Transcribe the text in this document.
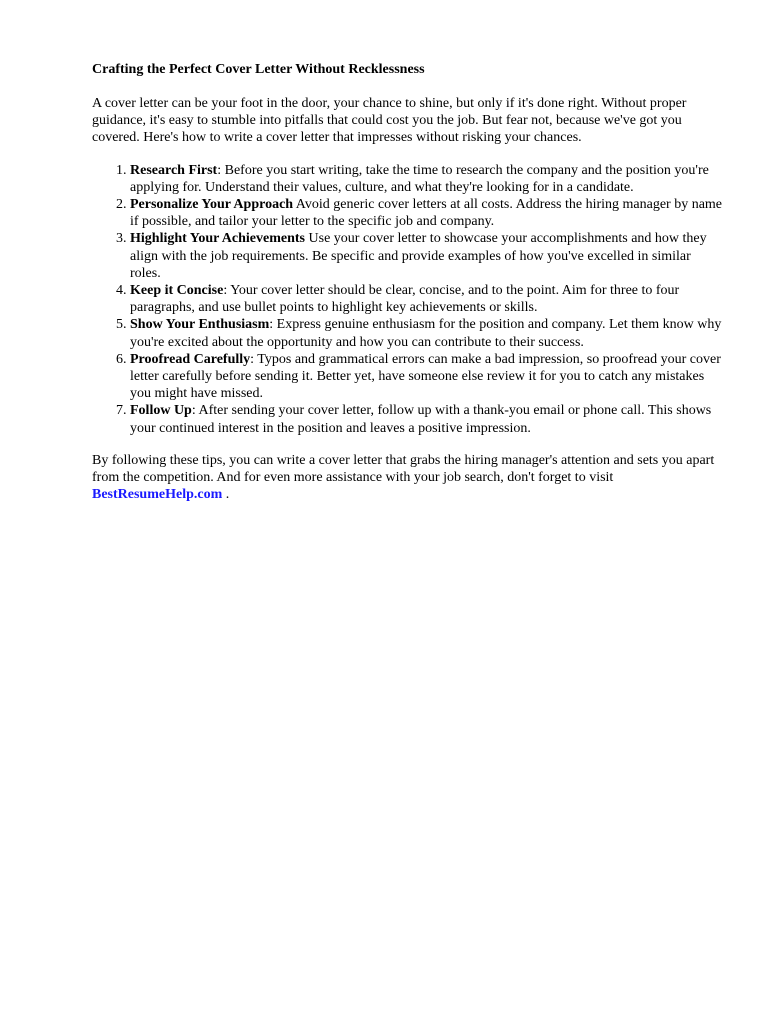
Crafting the Perfect Cover Letter Without Recklessness

A cover letter can be your foot in the door, your chance to shine, but only if it's done right. Without proper guidance, it's easy to stumble into pitfalls that could cost you the job. But fear not, because we've got you covered. Here's how to write a cover letter that impresses without risking your chances.

1. Research First: Before you start writing, take the time to research the company and the position you're applying for. Understand their values, culture, and what they're looking for in a candidate.
2. Personalize Your Approach Avoid generic cover letters at all costs. Address the hiring manager by name if possible, and tailor your letter to the specific job and company.
3. Highlight Your Achievements Use your cover letter to showcase your accomplishments and how they align with the job requirements. Be specific and provide examples of how you've excelled in similar roles.
4. Keep it Concise: Your cover letter should be clear, concise, and to the point. Aim for three to four paragraphs, and use bullet points to highlight key achievements or skills.
5. Show Your Enthusiasm: Express genuine enthusiasm for the position and company. Let them know why you're excited about the opportunity and how you can contribute to their success.
6. Proofread Carefully: Typos and grammatical errors can make a bad impression, so proofread your cover letter carefully before sending it. Better yet, have someone else review it for you to catch any mistakes you might have missed.
7. Follow Up: After sending your cover letter, follow up with a thank-you email or phone call. This shows your continued interest in the position and leaves a positive impression.

By following these tips, you can write a cover letter that grabs the hiring manager's attention and sets you apart from the competition. And for even more assistance with your job search, don't forget to visit BestResumeHelp.com .
